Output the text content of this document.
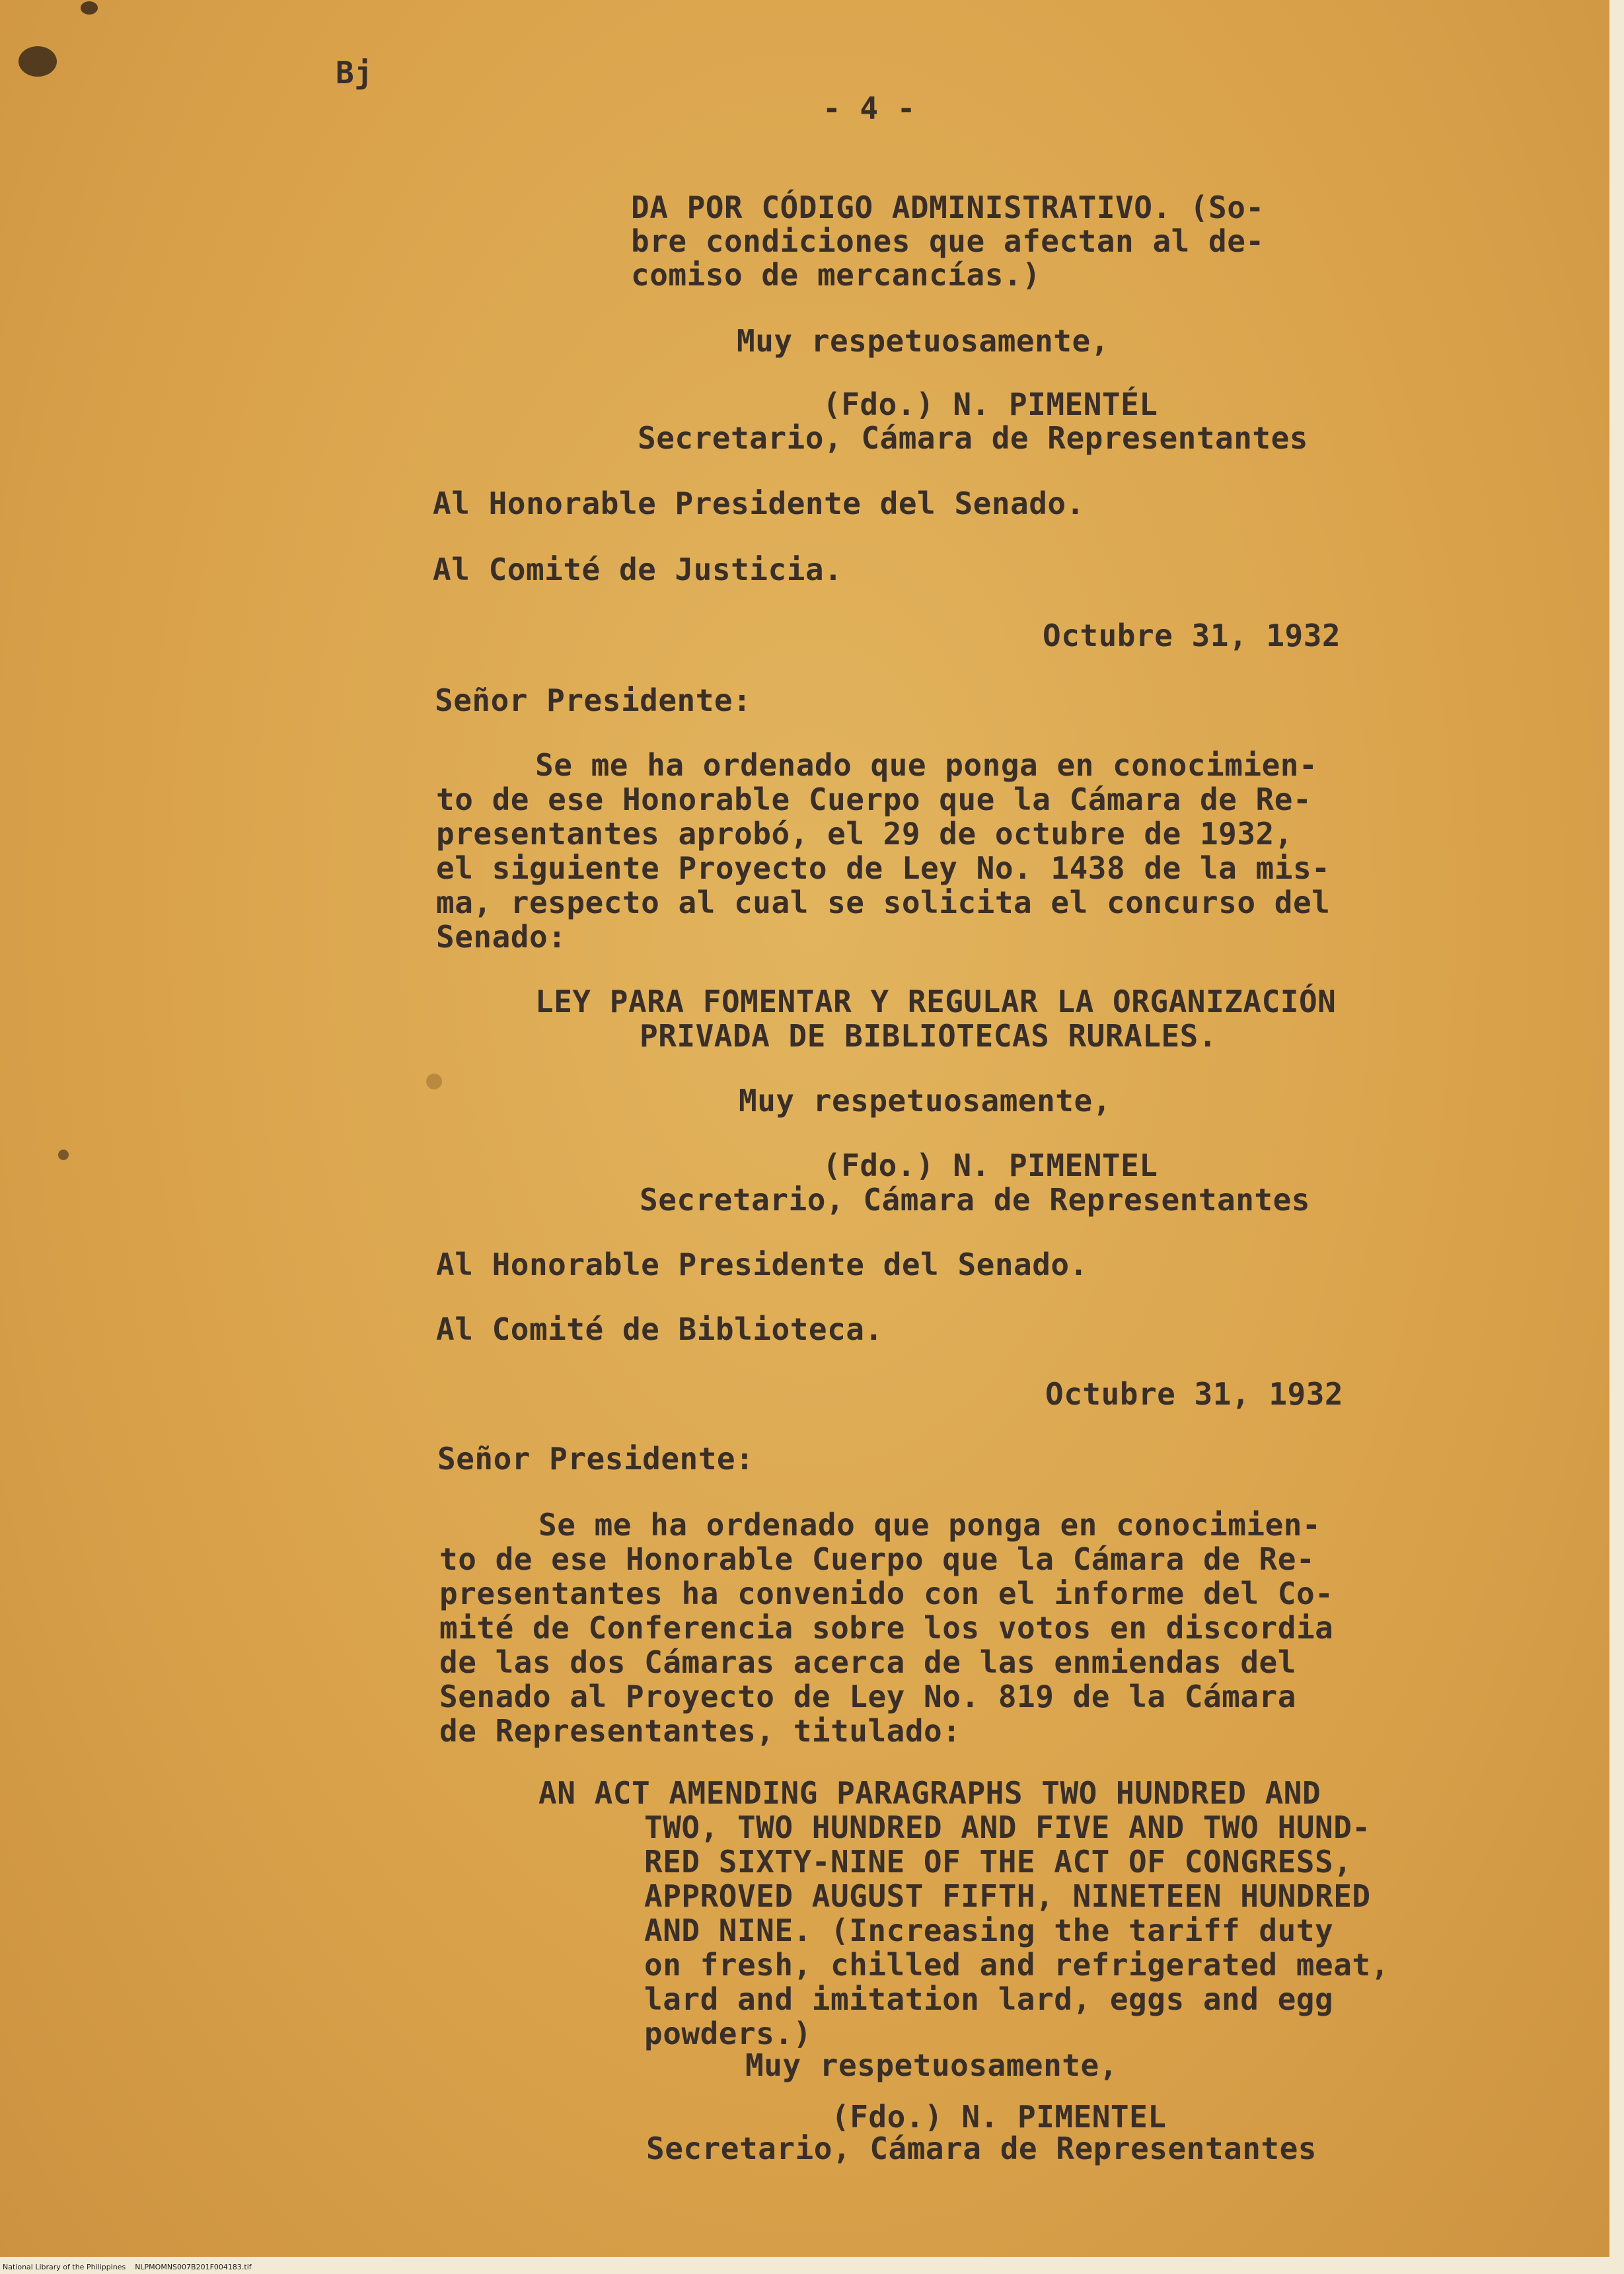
Bj
- 4 -
DA POR CÓDIGO ADMINISTRATIVO. (So-
bre condiciones que afectan al de-
comiso de mercancías.)
Muy respetuosamente,
(Fdo.) N. PIMENTÉL
Secretario, Cámara de Representantes
Al Honorable Presidente del Senado.
Al Comité de Justicia.
Octubre 31, 1932
Señor Presidente:
Se me ha ordenado que ponga en conocimien-
to de ese Honorable Cuerpo que la Cámara de Re-
presentantes aprobó, el 29 de octubre de 1932,
el siguiente Proyecto de Ley No. 1438 de la mis-
ma, respecto al cual se solicita el concurso del
Senado:
LEY PARA FOMENTAR Y REGULAR LA ORGANIZACIÓN
PRIVADA DE BIBLIOTECAS RURALES.
Muy respetuosamente,
(Fdo.) N. PIMENTEL
Secretario, Cámara de Representantes
Al Honorable Presidente del Senado.
Al Comité de Biblioteca.
Octubre 31, 1932
Señor Presidente:
Se me ha ordenado que ponga en conocimien-
to de ese Honorable Cuerpo que la Cámara de Re-
presentantes ha convenido con el informe del Co-
mité de Conferencia sobre los votos en discordia
de las dos Cámaras acerca de las enmiendas del
Senado al Proyecto de Ley No. 819 de la Cámara
de Representantes, titulado:
AN ACT AMENDING PARAGRAPHS TWO HUNDRED AND
TWO, TWO HUNDRED AND FIVE AND TWO HUND-
RED SIXTY-NINE OF THE ACT OF CONGRESS,
APPROVED AUGUST FIFTH, NINETEEN HUNDRED
AND NINE. (Increasing the tariff duty
on fresh, chilled and refrigerated meat,
lard and imitation lard, eggs and egg
powders.)
Muy respetuosamente,
(Fdo.) N. PIMENTEL
Secretario, Cámara de Representantes
National Library of the Philippines    NLPMOMNS007B201F004183.tif
